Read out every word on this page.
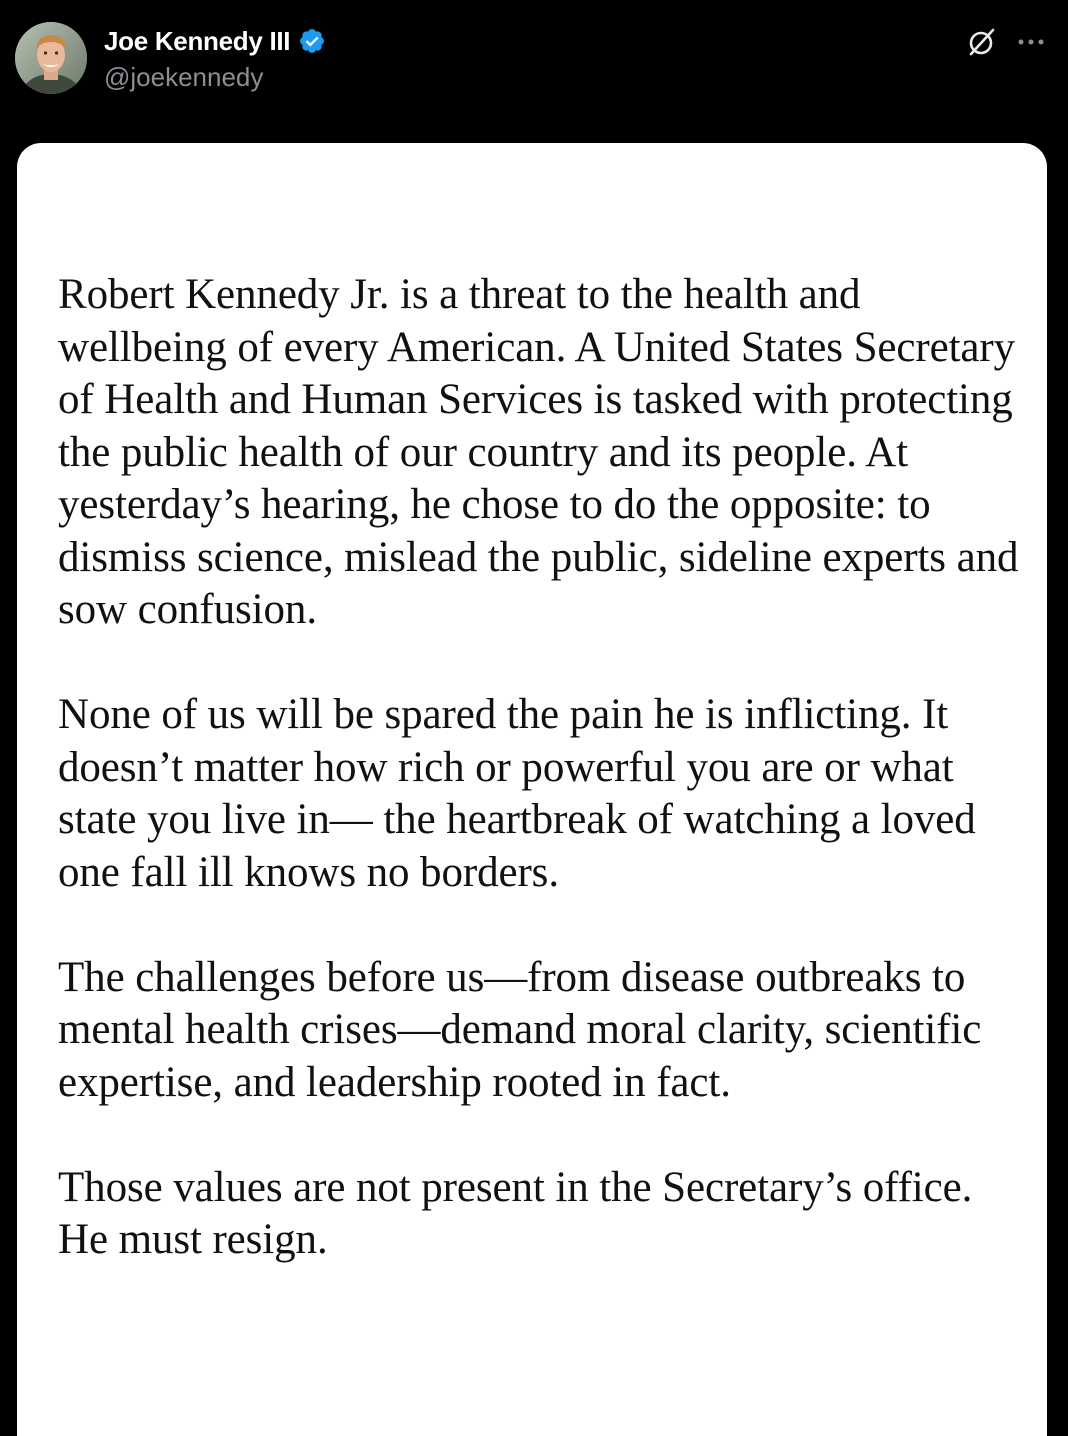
Joe Kennedy III
@joekennedy

Robert Kennedy Jr. is a threat to the health and wellbeing of every American. A United States Secretary of Health and Human Services is tasked with protecting the public health of our country and its people. At yesterday’s hearing, he chose to do the opposite: to dismiss science, mislead the public, sideline experts and sow confusion.

None of us will be spared the pain he is inflicting. It doesn’t matter how rich or powerful you are or what state you live in— the heartbreak of watching a loved one fall ill knows no borders.

The challenges before us—from disease outbreaks to mental health crises—demand moral clarity, scientific expertise, and leadership rooted in fact.

Those values are not present in the Secretary’s office. He must resign.
